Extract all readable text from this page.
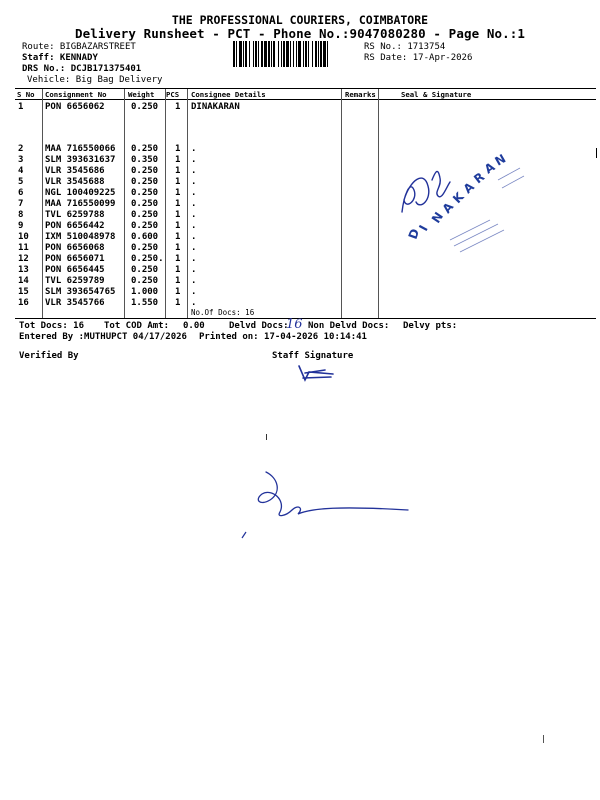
THE PROFESSIONAL COURIERS, COIMBATORE
Delivery Runsheet - PCT - Phone No.:9047080280 - Page No.:1
Route: BIGBAZARSTREET
Staff: KENNADY
DRS No.: DCJB171375401
Vehicle: Big Bag Delivery
RS No.: 1713754
RS Date: 17-Apr-2026
S No Consignment No	Weight PCS Consignee Details	Remarks	Seal & Signature
1 PON 6656062	0.250 1 DINAKARAN
2 MAA 716550066 0.250 1 .
3 SLM 393631637 0.350 1 .
4 VLR 3545686	0.250 1 .
5 VLR 3545688	0.250 1 .
6 NGL 100409225 0.250 1 .
7 MAA 716550099 0.250 1 .
8 TVL 6259788	0.250 1 .
9 PON 6656442	0.250 1 .
10 IXM 510048978 0.600 1 .
11 PON 6656068	0.250 1 .
12 PON 6656071	0.250. 1 .
13 PON 6656445	0.250 1 .
14 TVL 6259789	0.250 1 .
15 SLM 393654765 1.000 1 .
16 VLR 3545766	1.550 1 .
No.Of Docs: 16
Tot Docs: 16 Tot COD Amt: 0.00	Delvd Docs:
16 Non Delvd Docs: Delvy pts:
Entered By :MUTHUPCT 04/17/2026 Printed on: 17-04-2026 10:14:41
Verified By	Staff Signature
D
I
N
A
K
A
R
A
N
